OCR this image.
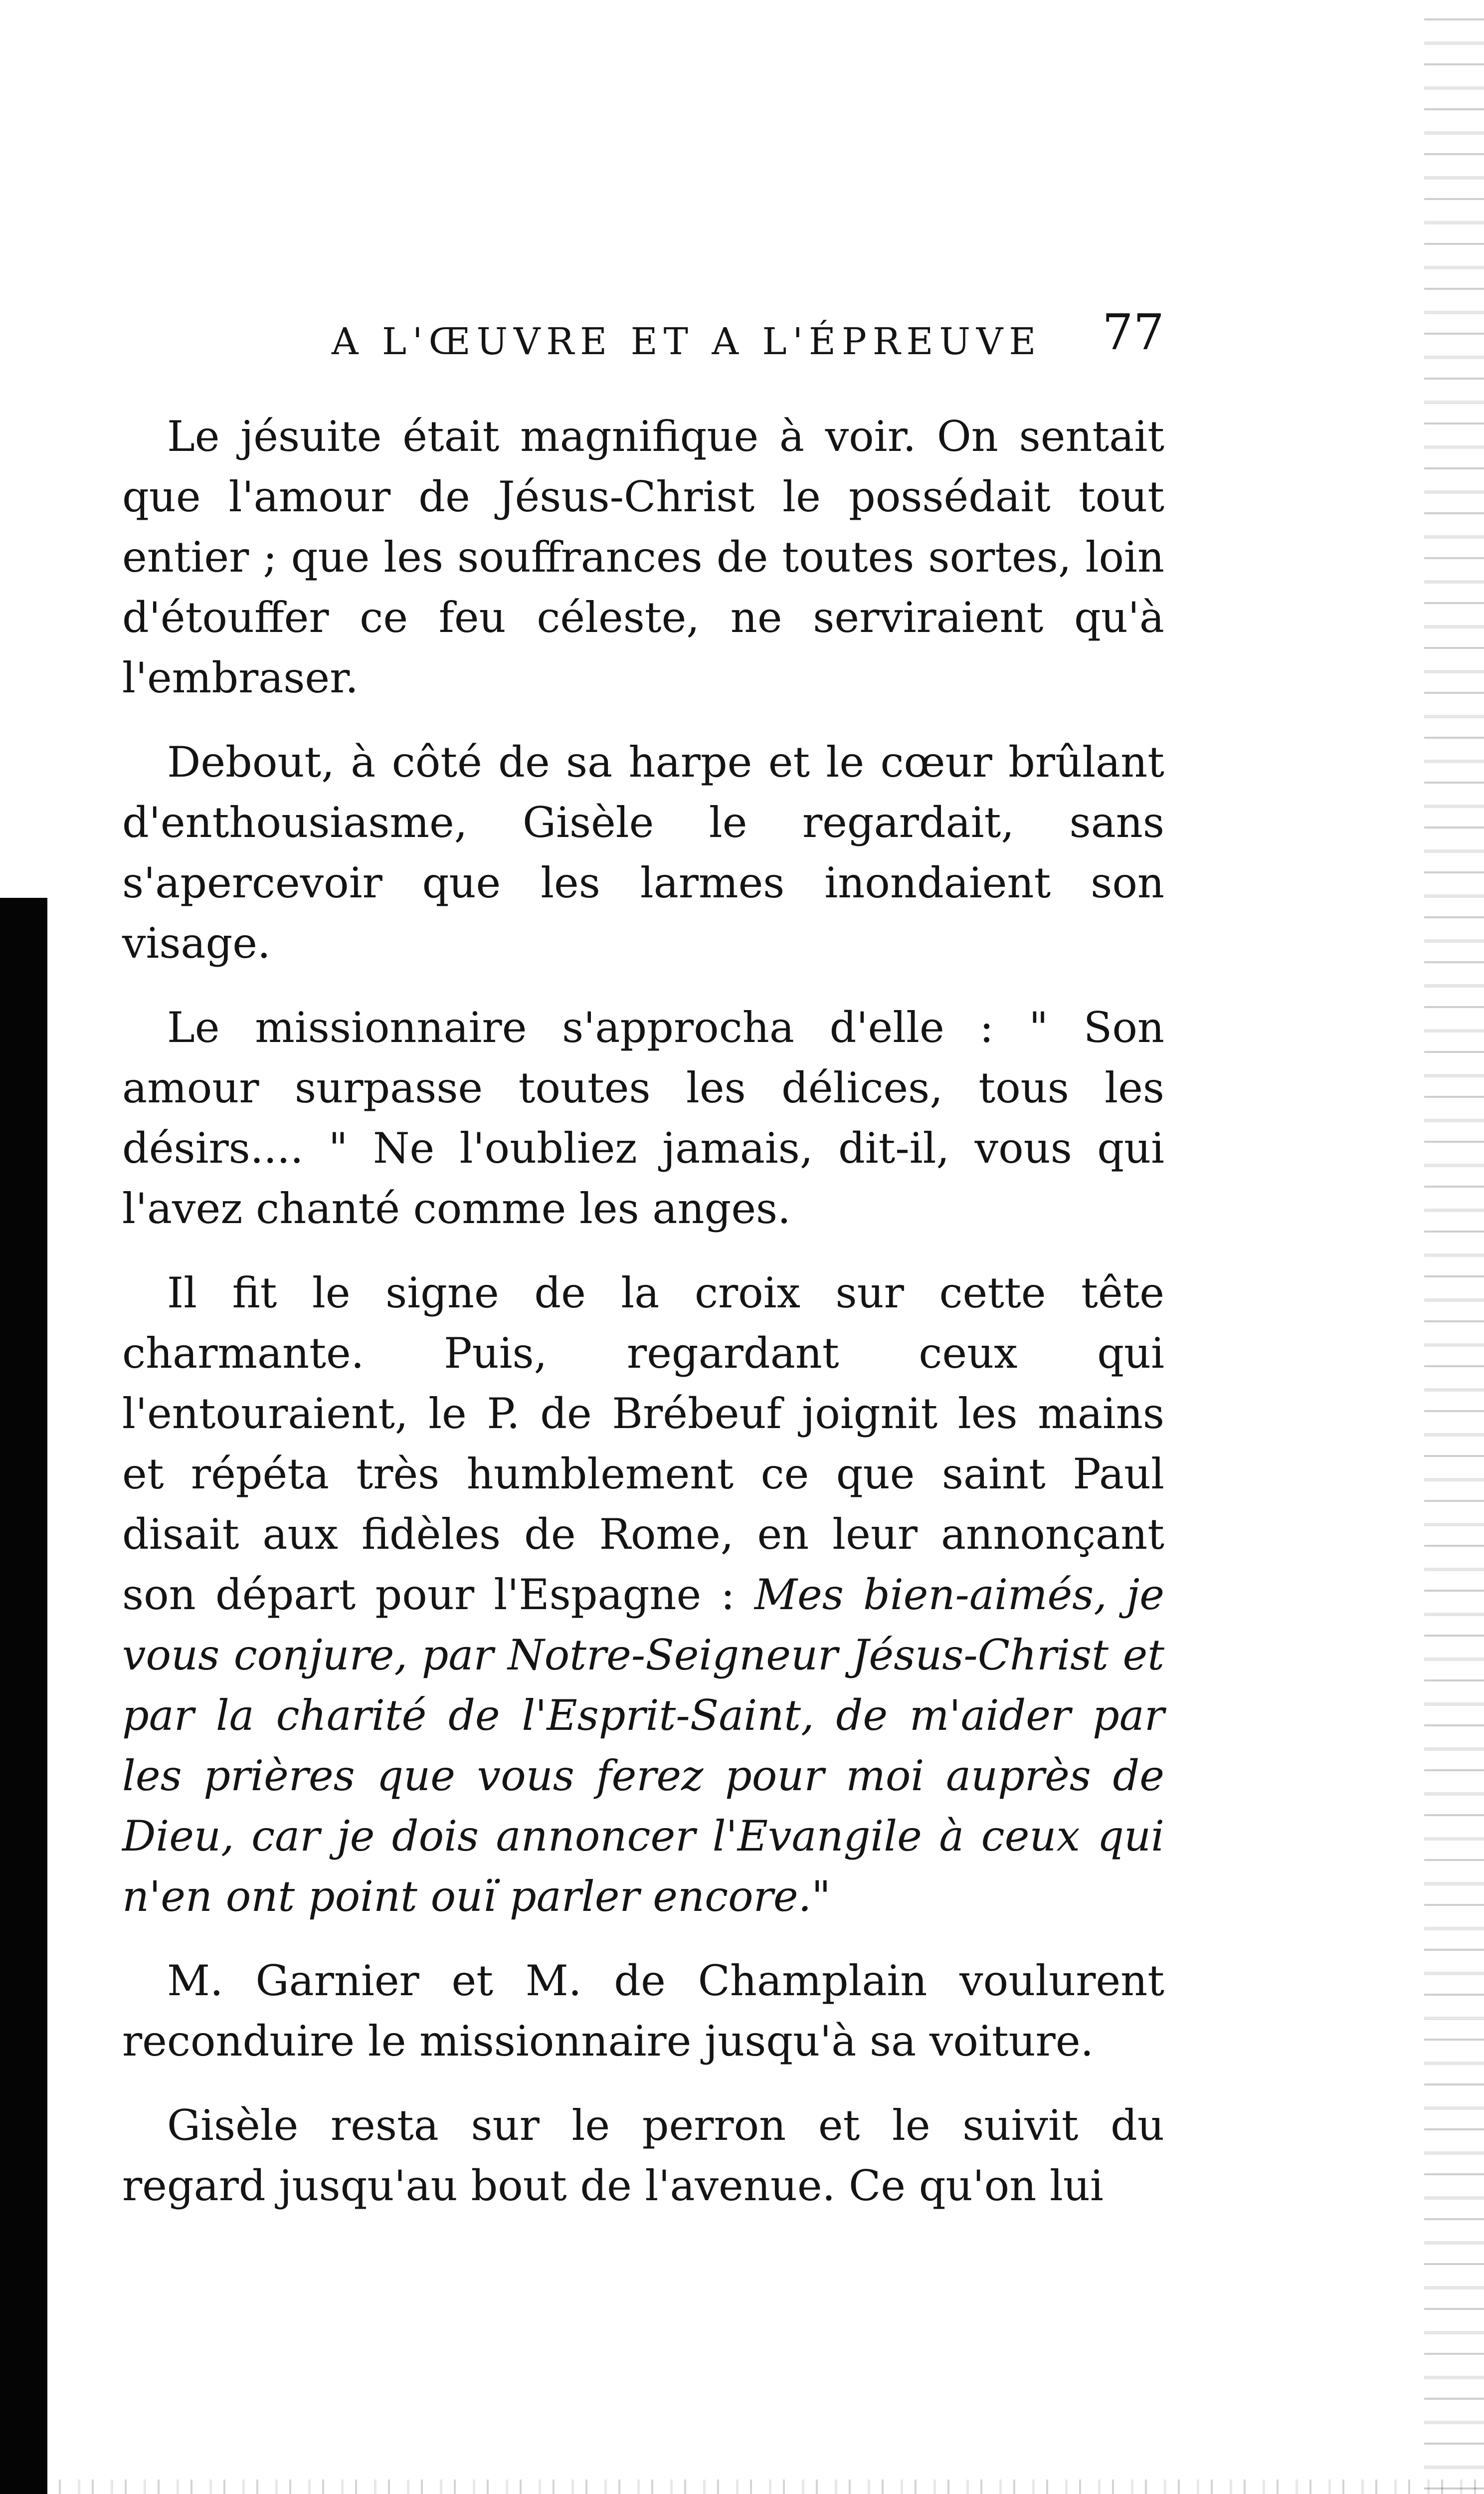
A L'ŒUVRE ET A L'ÉPREUVE 77

Le jésuite était magnifique à voir. On sentait que l'amour de Jésus-Christ le possédait tout entier ; que les souffrances de toutes sortes, loin d'étouffer ce feu céleste, ne serviraient qu'à l'embraser.

Debout, à côté de sa harpe et le cœur brûlant d'enthousiasme, Gisèle le regardait, sans s'apercevoir que les larmes inondaient son visage.

Le missionnaire s'approcha d'elle : " Son amour surpasse toutes les délices, tous les désirs.... " Ne l'oubliez jamais, dit-il, vous qui l'avez chanté comme les anges.

Il fit le signe de la croix sur cette tête charmante. Puis, regardant ceux qui l'entouraient, le P. de Brébeuf joignit les mains et répéta très humblement ce que saint Paul disait aux fidèles de Rome, en leur annonçant son départ pour l'Espagne : Mes bien-aimés, je vous conjure, par Notre-Seigneur Jésus-Christ et par la charité de l'Esprit-Saint, de m'aider par les prières que vous ferez pour moi auprès de Dieu, car je dois annoncer l'Evangile à ceux qui n'en ont point ouï parler encore."

M. Garnier et M. de Champlain voulurent reconduire le missionnaire jusqu'à sa voiture.

Gisèle resta sur le perron et le suivit du regard jusqu'au bout de l'avenue. Ce qu'on lui
